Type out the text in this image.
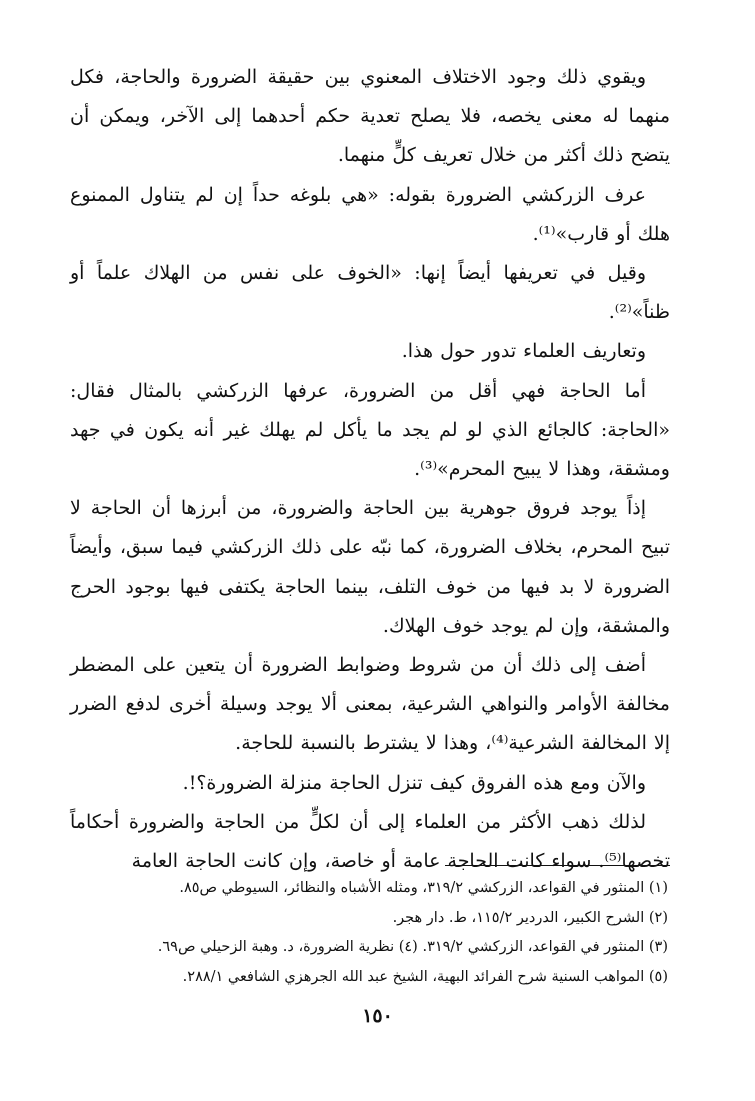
ويقوي ذلك وجود الاختلاف المعنوي بين حقيقة الضرورة والحاجة، فكل منهما له معنى يخصه، فلا يصلح تعدية حكم أحدهما إلى الآخر، ويمكن أن يتضح ذلك أكثر من خلال تعريف كلٍّ منهما.

عرف الزركشي الضرورة بقوله: «هي بلوغه حداً إن لم يتناول الممنوع هلك أو قارب»⁽¹⁾.

وقيل في تعريفها أيضاً إنها: «الخوف على نفس من الهلاك علماً أو ظناً»⁽²⁾.

وتعاريف العلماء تدور حول هذا.

أما الحاجة فهي أقل من الضرورة، عرفها الزركشي بالمثال فقال: «الحاجة: كالجائع الذي لو لم يجد ما يأكل لم يهلك غير أنه يكون في جهد ومشقة، وهذا لا يبيح المحرم»⁽³⁾.

إذاً يوجد فروق جوهرية بين الحاجة والضرورة، من أبرزها أن الحاجة لا تبيح المحرم، بخلاف الضرورة، كما نبّه على ذلك الزركشي فيما سبق، وأيضاً الضرورة لا بد فيها من خوف التلف، بينما الحاجة يكتفى فيها بوجود الحرج والمشقة، وإن لم يوجد خوف الهلاك.

أضف إلى ذلك أن من شروط وضوابط الضرورة أن يتعين على المضطر مخالفة الأوامر والنواهي الشرعية، بمعنى ألا يوجد وسيلة أخرى لدفع الضرر إلا المخالفة الشرعية⁽⁴⁾، وهذا لا يشترط بالنسبة للحاجة.

والآن ومع هذه الفروق كيف تنزل الحاجة منزلة الضرورة؟!.

لذلك ذهب الأكثر من العلماء إلى أن لكلٍّ من الحاجة والضرورة أحكاماً تخصها⁽⁵⁾. سواء كانت الحاجة عامة أو خاصة، وإن كانت الحاجة العامة

(١) المنثور في القواعد، الزركشي ٣١٩/٢، ومثله الأشباه والنظائر، السيوطي ص٨٥.

(٢) الشرح الكبير، الدردير ١١٥/٢، ط. دار هجر.

(٣) المنثور في القواعد، الزركشي ٣١٩/٢. (٤) نظرية الضرورة، د. وهبة الزحيلي ص٦٩.

(٥) المواهب السنية شرح الفرائد البهية، الشيخ عبد الله الجرهزي الشافعي ٢٨٨/١.

١٥٠
